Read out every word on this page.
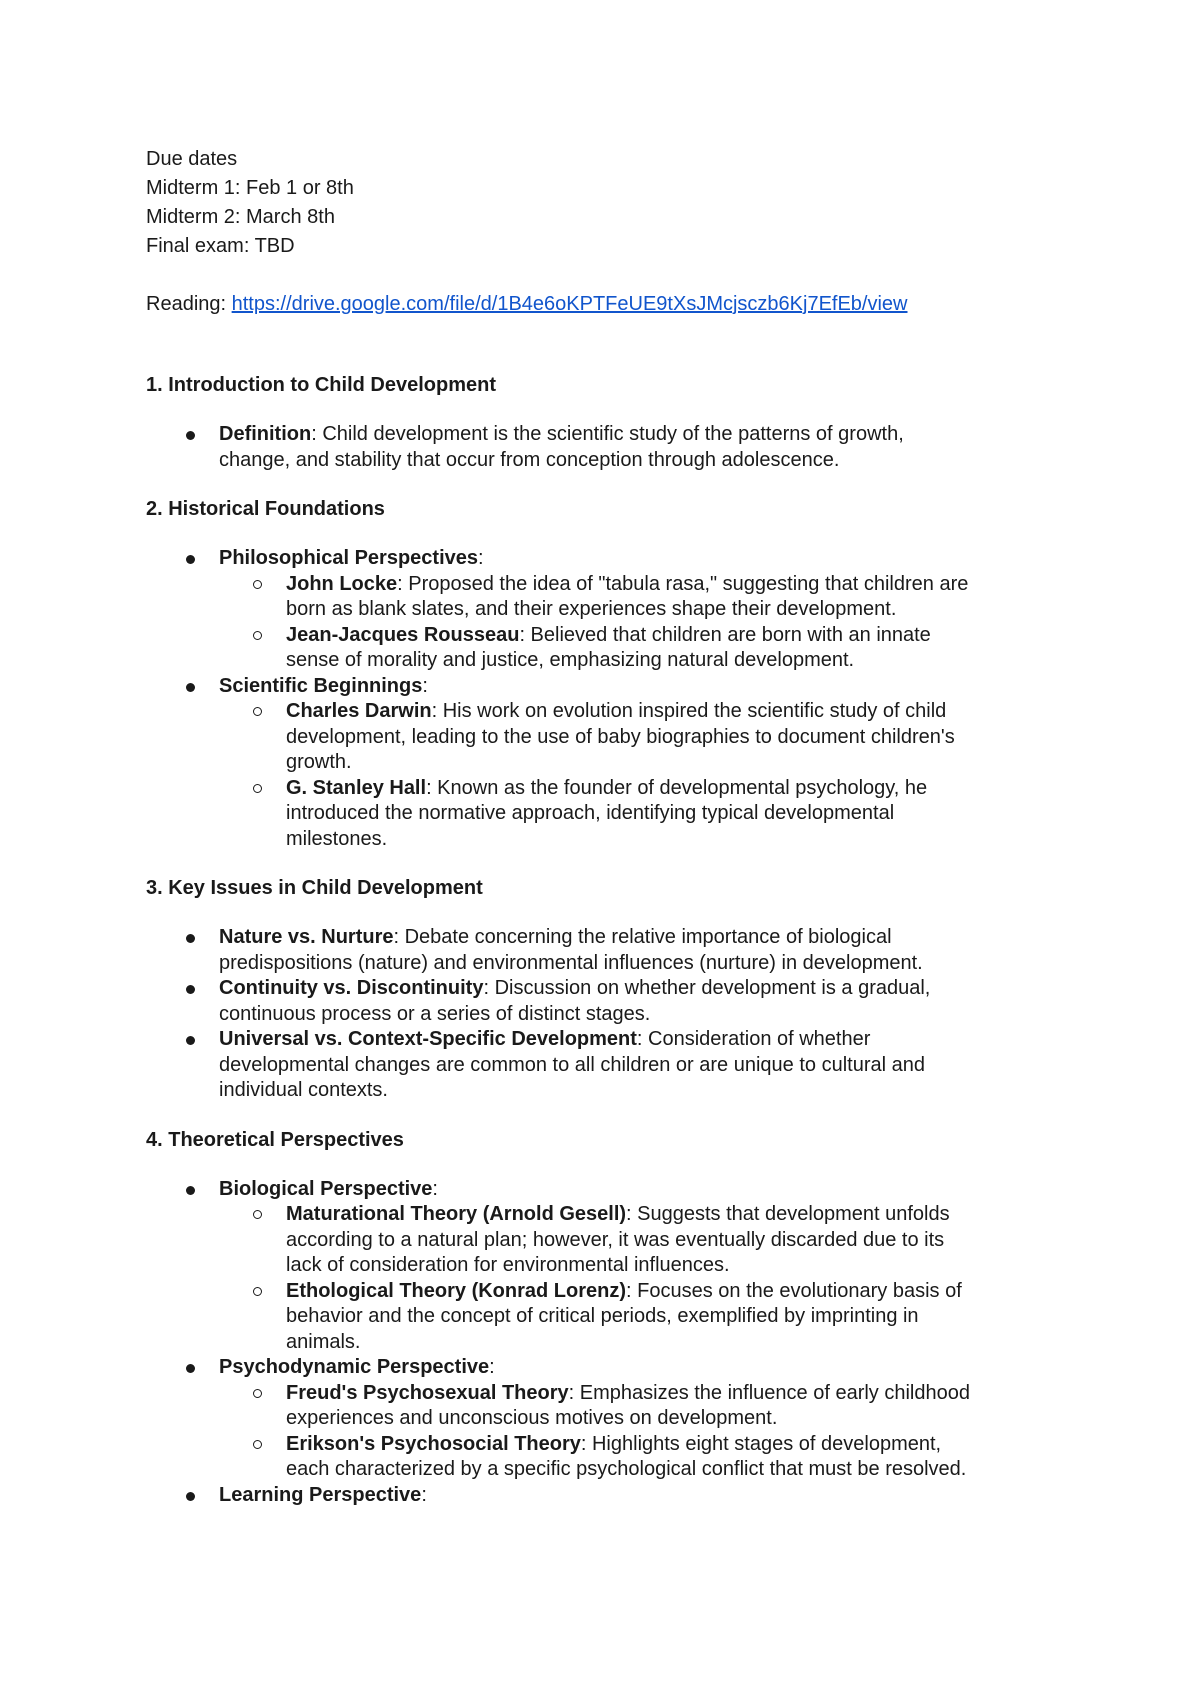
Due dates

Midterm 1: Feb 1 or 8th

Midterm 2: March 8th

Final exam: TBD

Reading: https://drive.google.com/file/d/1B4e6oKPTFeUE9tXsJMcjsczb6Kj7EfEb/view

1. Introduction to Child Development

Definition: Child development is the scientific study of the patterns of growth,
change, and stability that occur from conception through adolescence.

2. Historical Foundations

Philosophical Perspectives:
John Locke: Proposed the idea of "tabula rasa," suggesting that children are
born as blank slates, and their experiences shape their development.
Jean-Jacques Rousseau: Believed that children are born with an innate
sense of morality and justice, emphasizing natural development.
Scientific Beginnings:
Charles Darwin: His work on evolution inspired the scientific study of child
development, leading to the use of baby biographies to document children's
growth.
G. Stanley Hall: Known as the founder of developmental psychology, he
introduced the normative approach, identifying typical developmental
milestones.

3. Key Issues in Child Development

Nature vs. Nurture: Debate concerning the relative importance of biological
predispositions (nature) and environmental influences (nurture) in development.
Continuity vs. Discontinuity: Discussion on whether development is a gradual,
continuous process or a series of distinct stages.
Universal vs. Context-Specific Development: Consideration of whether
developmental changes are common to all children or are unique to cultural and
individual contexts.

4. Theoretical Perspectives

Biological Perspective:
Maturational Theory (Arnold Gesell): Suggests that development unfolds
according to a natural plan; however, it was eventually discarded due to its
lack of consideration for environmental influences.
Ethological Theory (Konrad Lorenz): Focuses on the evolutionary basis of
behavior and the concept of critical periods, exemplified by imprinting in
animals.
Psychodynamic Perspective:
Freud's Psychosexual Theory: Emphasizes the influence of early childhood
experiences and unconscious motives on development.
Erikson's Psychosocial Theory: Highlights eight stages of development,
each characterized by a specific psychological conflict that must be resolved.
Learning Perspective:
